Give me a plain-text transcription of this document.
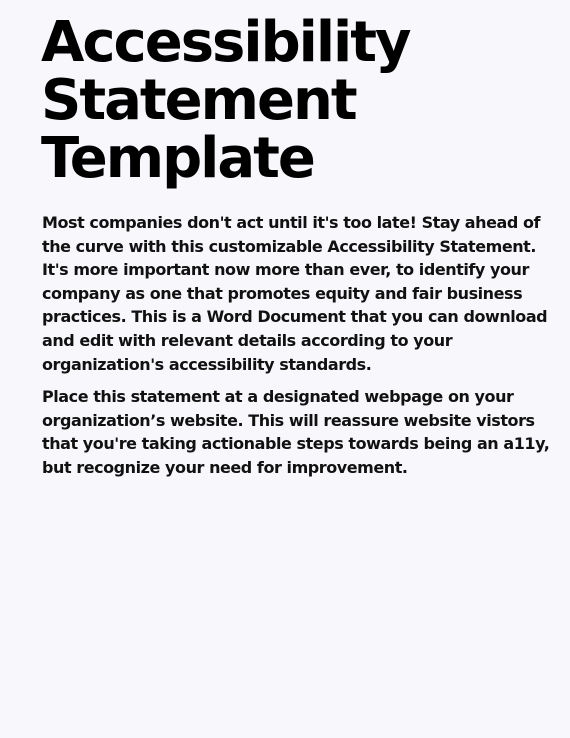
Accessibility
Statement
Template

Most companies don't act until it's too late! Stay ahead of
the curve with this customizable Accessibility Statement.
It's more important now more than ever, to identify your
company as one that promotes equity and fair business
practices. This is a Word Document that you can download
and edit with relevant details according to your
organization's accessibility standards.

Place this statement at a designated webpage on your
organization’s website. This will reassure website vistors
that you're taking actionable steps towards being an a11y,
but recognize your need for improvement.
